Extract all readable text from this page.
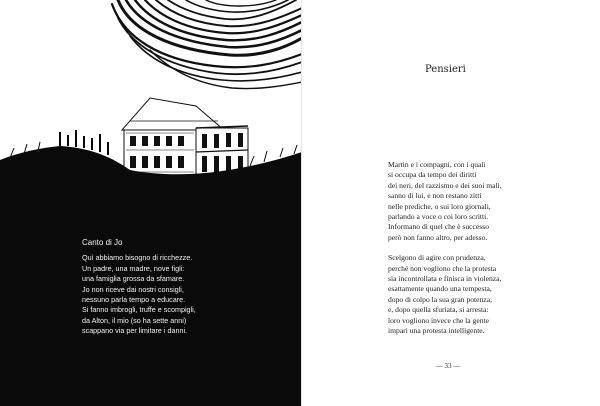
Canto di Jo
Quì abbiamo bisogno di ricchezze.
Un padre, una madre, nove figli:
una famiglia grossa da sfamare.
Jo non riceve dai nostri consigli,
nessuno parla tempo a educare.
Si fanno imbrogli, truffe e scompigli,
da Alton, il mio (so ha sette anni)
scappano via per limitare i danni.
Pensieri
Martin e i compagni, con i quali
si occupa da tempo dei diritti
dei neri, del razzismo e dei suoi mali,
sanno di lui, e non restano zitti
nelle prediche, o sui loro giornali,
parlando a voce o coi loro scritti.
Informano di quel che è successo
però non fanno altro, per adesso.
Scelgono di agire con prudenza,
perché non vogliono che la protesta
sia incontrollata e finisca in violenza,
esattamente quando una tempesta,
dopo di colpo la sua gran potenza,
e, dopo quella sfuriata, si arresta:
loro vogliono invece che la gente
impari una protesta intelligente.
— 33 —
